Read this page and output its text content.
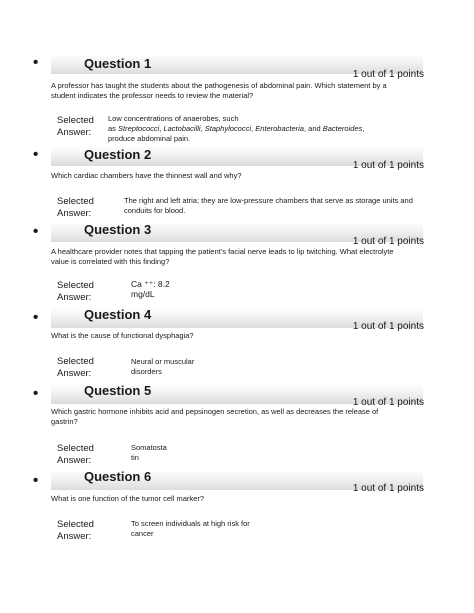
•	Question 1
1 out of 1 points
A professor has taught the students about the pathogenesis of abdominal pain. Which statement by a student indicates the professor needs to review the material?
Selected
Answer:
Low concentrations of anaerobes, such
as Streptococci, Lactobacilli, Staphylococci, Enterobacteria, and Bacteroides,
produce abdominal pain.
•	Question 2
1 out of 1 points
Which cardiac chambers have the thinnest wall and why?
Selected
Answer:
The right and left atria; they are low-pressure chambers that serve as storage units and conduits for blood.
•	Question 3
1 out of 1 points
A healthcare provider notes that tapping the patient’s facial nerve leads to lip twitching. What electrolyte value is correlated with this finding?
Selected
Answer:
Ca ⁺⁺: 8.2
mg/dL
•	Question 4
1 out of 1 points
What is the cause of functional dysphagia?
Selected
Answer:
Neural or muscular
disorders
•	Question 5
1 out of 1 points
Which gastric hormone inhibits acid and pepsinogen secretion, as well as decreases the release of gastrin?
Selected
Answer:
Somatosta
tin
•	Question 6
1 out of 1 points
What is one function of the tumor cell marker?
Selected
Answer:
To screen individuals at high risk for
cancer
